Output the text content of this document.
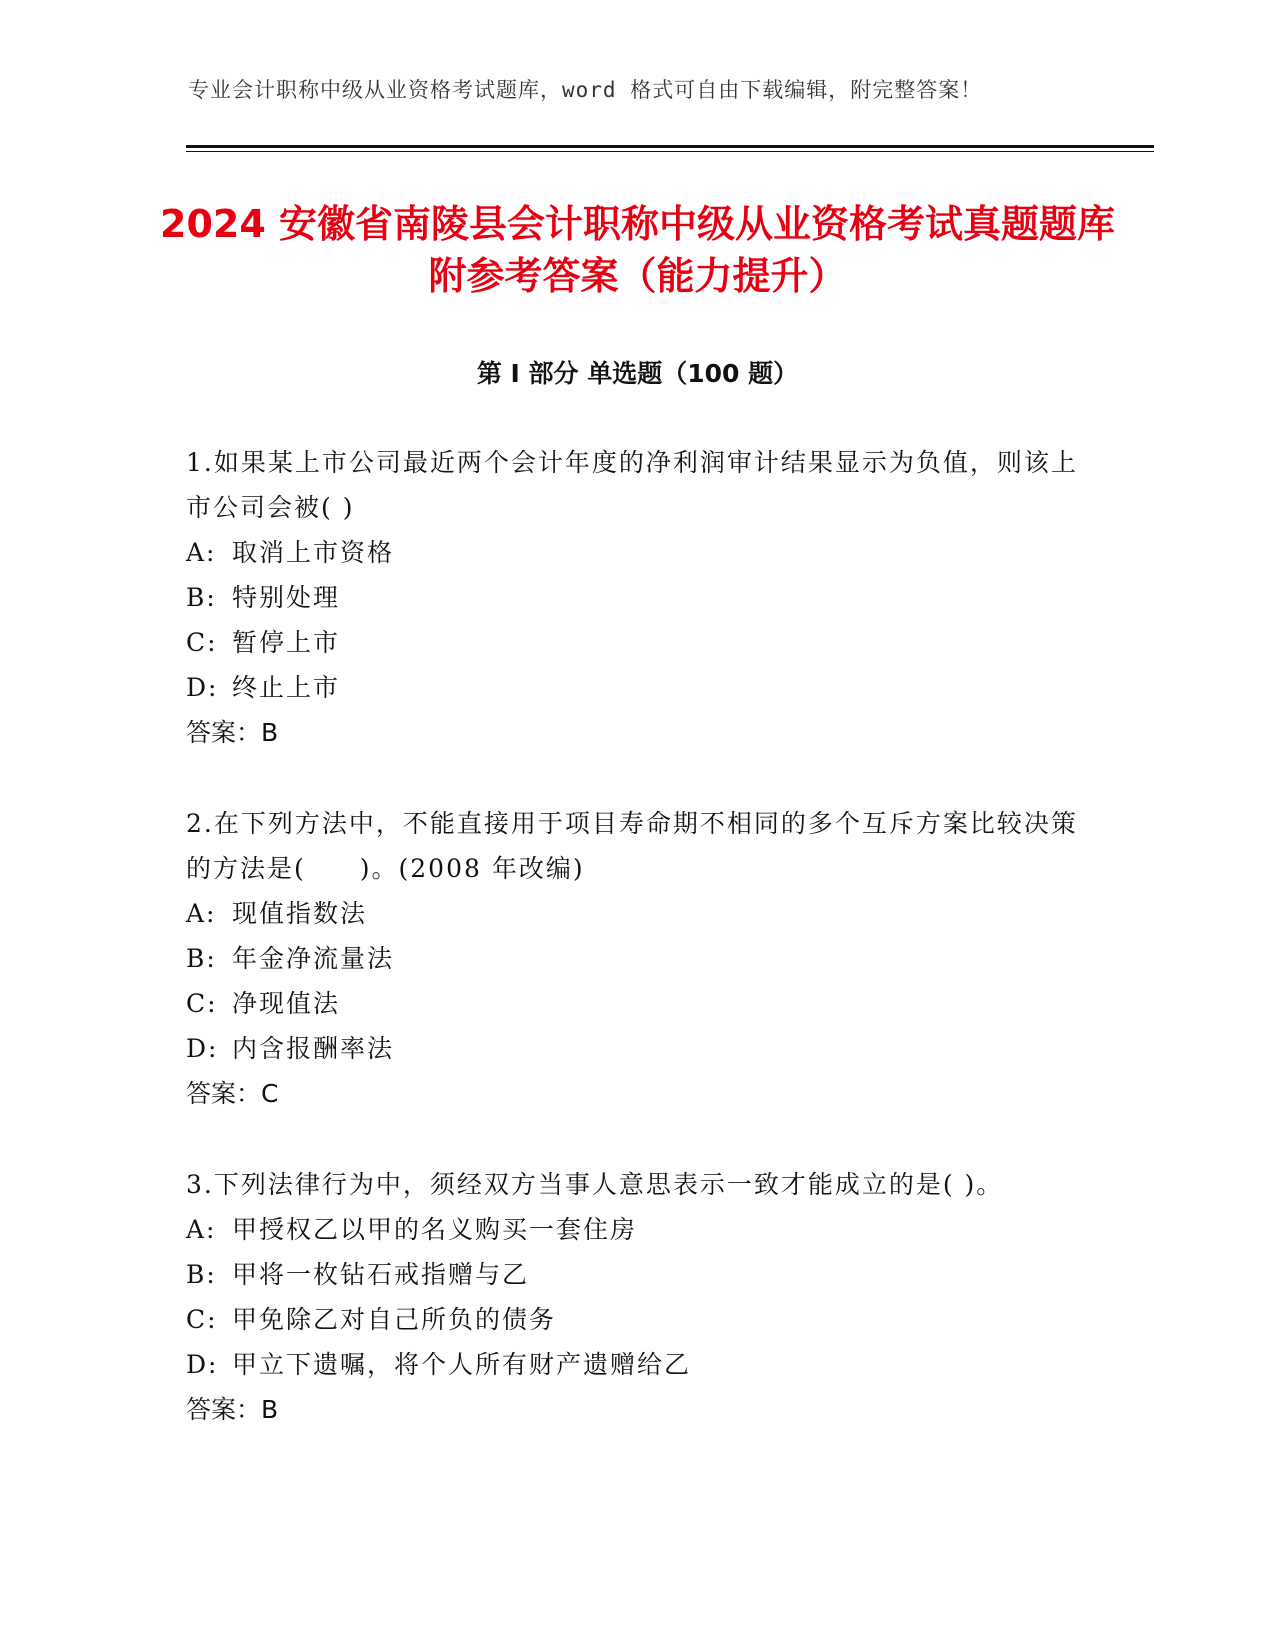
专业会计职称中级从业资格考试题库，word 格式可自由下载编辑，附完整答案！
2024 安徽省南陵县会计职称中级从业资格考试真题题库附参考答案（能力提升）
第 I 部分 单选题（100 题）

1.如果某上市公司最近两个会计年度的净利润审计结果显示为负值，则该上市公司会被( )

A: 取消上市资格

B: 特别处理

C: 暂停上市

D: 终止上市

答案：B

2.在下列方法中，不能直接用于项目寿命期不相同的多个互斥方案比较决策的方法是(　　)。(2008 年改编)

A: 现值指数法

B: 年金净流量法

C: 净现值法

D: 内含报酬率法

答案：C

3.下列法律行为中，须经双方当事人意思表示一致才能成立的是( )。

A: 甲授权乙以甲的名义购买一套住房

B: 甲将一枚钻石戒指赠与乙

C: 甲免除乙对自己所负的债务

D: 甲立下遗嘱，将个人所有财产遗赠给乙

答案：B
